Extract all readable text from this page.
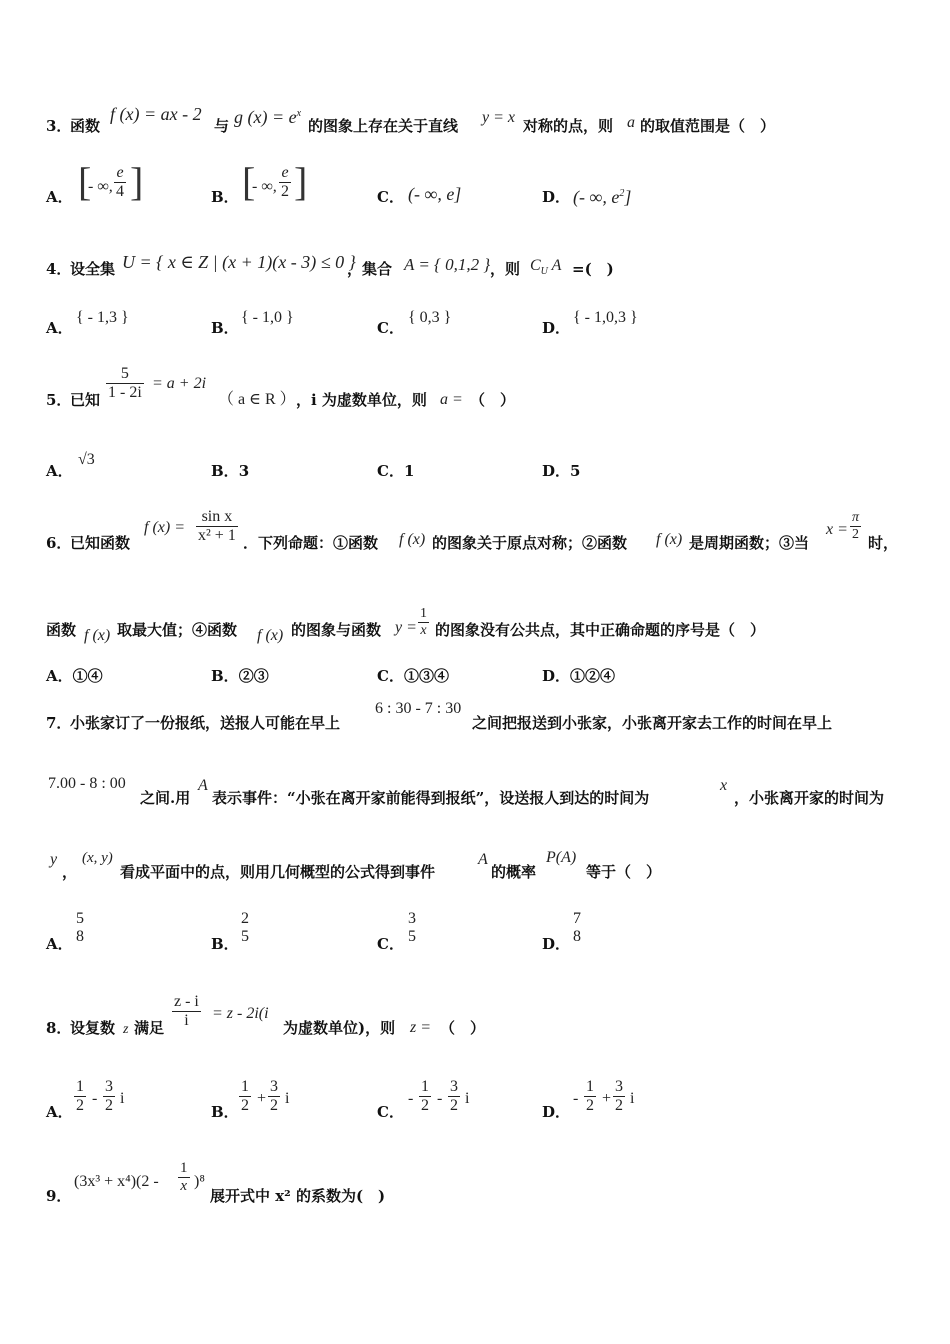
3．
函数
f (x) = ax - 2
与 g $(x) = e^x$
的图象上存在关于直线 y = x 对称的点，则 a 的取值范围是（　）
A． [
- ∞, $\frac{e}{4}$ ]	B． [
- ∞, $\frac{e}{2}$ ]	C． (- ∞, e]	D． (- ∞, $e^2$]
4．
设全集 U = { x ∈ Z | (x + 1)(x - 3) ≤ 0 }
，集合 A = { 0,1,2 } ，则 $C_U$ A =(　)
A．
{ - 1,3 }
B．
{ - 1,0 }
C．
{ 0,3 }
D．
{ - 1,0,3 }
5．
已知 $\frac{5}{1 - 2i} = a + 2i$
（ a ∈ R ） ，i 为虚数单位，则 a = （　）
A．
√3
B．3	C．1	D．5
6．
已知函数
f $(x) = \frac{\text{sin x}}{\text{x² + 1}}$ ．下列命题：①函数 f (x) 的图象关于原点对称；②函数 f (x) 是周期函数；③当
$x = \frac{\pi}{2}$ 时，
函数 f (x) 取最大值；④函数 f (x) 的图象与函数 $y = \frac{1}{x}$ 的图象没有公共点，其中正确命题的序号是（　）
A．①④	B．②③	C．①③④	D．①②④
7．
小张家订了一份报纸，送报人可能在早上
6 : 30 - 7 : 30
之间把报送到小张家，小张离开家去工作的时间在早上
7.00 - 8 : 00
之间.用
A
表示事件：“小张在离开家前能得到报纸”，设送报人到达的时间为
x
，小张离开家的时间为
y
，
(x, y)
看成平面中的点，则用几何概型的公式得到事件
A
的概率
P(A)
等于（　）
A．
5
8	B．
2
5	C．
3
5	D．
7
8
8．
设复数 z 满足 $\frac{z - i}{i} = z - 2i(i$
为虚数单位)，则 z = （　）
A． $\frac{1}{2} - \frac{3}{2}$ i
B． $\frac{1}{2} + \frac{3}{2}$ i
C．
- $\frac{1}{2} - \frac{3}{2}$ i
D．
- $\frac{1}{2} + \frac{3}{2}$ i
9．
$(3x^3 + x^4)(2 - \frac{1}{x} )^8$
展开式中 x² 的系数为(　)
